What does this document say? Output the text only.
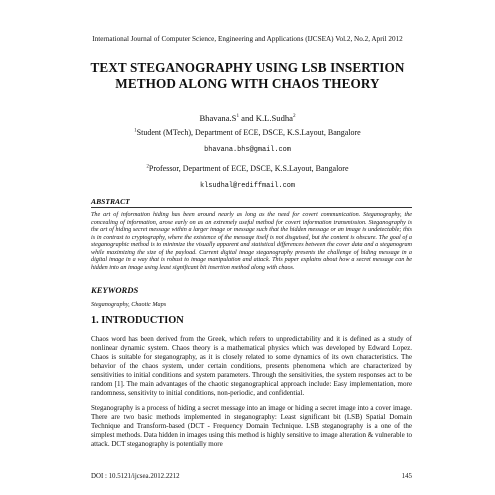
International Journal of Computer Science, Engineering and Applications (IJCSEA) Vol.2, No.2, April 2012
TEXT STEGANOGRAPHY USING LSB INSERTION METHOD ALONG WITH CHAOS THEORY
$Bhavana.S^1$ and K.L.Sudha$^2$
$^1$Student (MTech), Department of ECE, DSCE, K.S.Layout, Bangalore
bhavana.bhs@gmail.com
$^2$Professor, Department of ECE, DSCE, K.S.Layout, Bangalore
klsudhal@rediffmail.com
ABSTRACT
The art of information hiding has been around nearly as long as the need for covert communication. Steganography, the concealing of information, arose early on as an extremely useful method for covert information transmission. Steganography is the art of hiding secret message within a larger image or message such that the hidden message or an image is undetectable; this is in contrast to cryptography, where the existence of the message itself is not disguised, but the content is obscure. The goal of a steganographic method is to minimize the visually apparent and statistical differences between the cover data and a steganogram while maximizing the size of the payload. Current digital image steganography presents the challenge of hiding message in a digital image in a way that is robust to image manipulation and attack. This paper explains about how a secret message can be hidden into an image using least significant bit insertion method along with chaos.
KEYWORDS
Steganography, Chaotic Maps
1. INTRODUCTION
Chaos word has been derived from the Greek, which refers to unpredictability and it is defined as a study of nonlinear dynamic system. Chaos theory is a mathematical physics which was developed by Edward Lopez. Chaos is suitable for steganography, as it is closely related to some dynamics of its own characteristics. The behavior of the chaos system, under certain conditions, presents phenomena which are characterized by sensitivities to initial conditions and system parameters. Through the sensitivities, the system responses act to be random [1]. The main advantages of the chaotic steganographical approach include: Easy implementation, more randomness, sensitivity to initial conditions, non-periodic, and confidential.
Steganography is a process of hiding a secret message into an image or hiding a secret image into a cover image. There are two basic methods implemented in steganography: Least significant bit (LSB) Spatial Domain Technique and Transform-based (DCT - Frequency Domain Technique. LSB steganography is a one of the simplest methods. Data hidden in images using this method is highly sensitive to image alteration & vulnerable to attack. DCT steganography is potentially more
DOI : 10.5121/ijcsea.2012.2212	145
